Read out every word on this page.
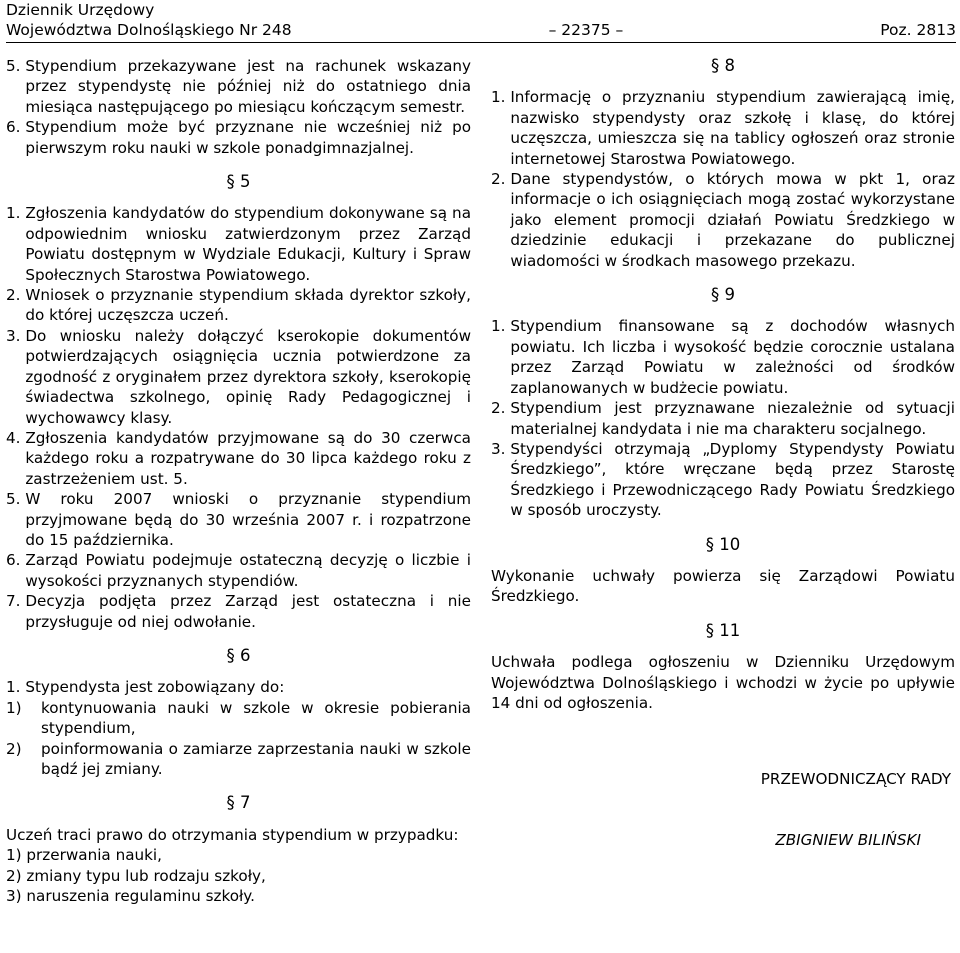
Dziennik Urzędowy
Województwa Dolnośląskiego Nr 248	– 22375 –	Poz. 2813
5. Stypendium przekazywane jest na rachunek wskazany przez stypendystę nie później niż do ostatniego dnia miesiąca następującego po miesiącu kończącym semestr.
6. Stypendium może być przyznane nie wcześniej niż po pierwszym roku nauki w szkole ponadgimnazjalnej.
§ 5
1. Zgłoszenia kandydatów do stypendium dokonywane są na odpowiednim wniosku zatwierdzonym przez Zarząd Powiatu dostępnym w Wydziale Edukacji, Kultury i Spraw Społecznych Starostwa Powiatowego.
2. Wniosek o przyznanie stypendium składa dyrektor szkoły, do której uczęszcza uczeń.
3. Do wniosku należy dołączyć kserokopie dokumentów potwierdzających osiągnięcia ucznia potwierdzone za zgodność z oryginałem przez dyrektora szkoły, kserokopię świadectwa szkolnego, opinię Rady Pedagogicznej i wychowawcy klasy.
4. Zgłoszenia kandydatów przyjmowane są do 30 czerwca każdego roku a rozpatrywane do 30 lipca każdego roku z zastrzeżeniem ust. 5.
5. W roku 2007 wnioski o przyznanie stypendium przyjmowane będą do 30 września 2007 r. i rozpatrzone do 15 października.
6. Zarząd Powiatu podejmuje ostateczną decyzję o liczbie i wysokości przyznanych stypendiów.
7. Decyzja podjęta przez Zarząd jest ostateczna i nie przysługuje od niej odwołanie.
§ 6
1. Stypendysta jest zobowiązany do:
1)	kontynuowania nauki w szkole w okresie pobierania stypendium,
2)	poinformowania o zamiarze zaprzestania nauki w szkole bądź jej zmiany.
§ 7

Uczeń traci prawo do otrzymania stypendium w przypadku:

1) przerwania nauki,

2) zmiany typu lub rodzaju szkoły,

3) naruszenia regulaminu szkoły.

§ 8
1. Informację o przyznaniu stypendium zawierającą imię, nazwisko stypendysty oraz szkołę i klasę, do której uczęszcza, umieszcza się na tablicy ogłoszeń oraz stronie internetowej Starostwa Powiatowego.
2. Dane stypendystów, o których mowa w pkt 1, oraz informacje o ich osiągnięciach mogą zostać wykorzystane jako element promocji działań Powiatu Średzkiego w dziedzinie edukacji i przekazane do publicznej wiadomości w środkach masowego przekazu.
§ 9
1. Stypendium finansowane są z dochodów własnych powiatu. Ich liczba i wysokość będzie corocznie ustalana przez Zarząd Powiatu w zależności od środków zaplanowanych w budżecie powiatu.
2. Stypendium jest przyznawane niezależnie od sytuacji materialnej kandydata i nie ma charakteru socjalnego.
3. Stypendyści otrzymają „Dyplomy Stypendysty Powiatu Średzkiego”, które wręczane będą przez Starostę Średzkiego i Przewodniczącego Rady Powiatu Średzkiego w sposób uroczysty.
§ 10

Wykonanie uchwały powierza się Zarządowi Powiatu Średzkiego.

§ 11

Uchwała podlega ogłoszeniu w Dzienniku Urzędowym Województwa Dolnośląskiego i wchodzi w życie po upływie 14 dni od ogłoszenia.

PRZEWODNICZĄCY RADY
ZBIGNIEW BILIŃSKI
